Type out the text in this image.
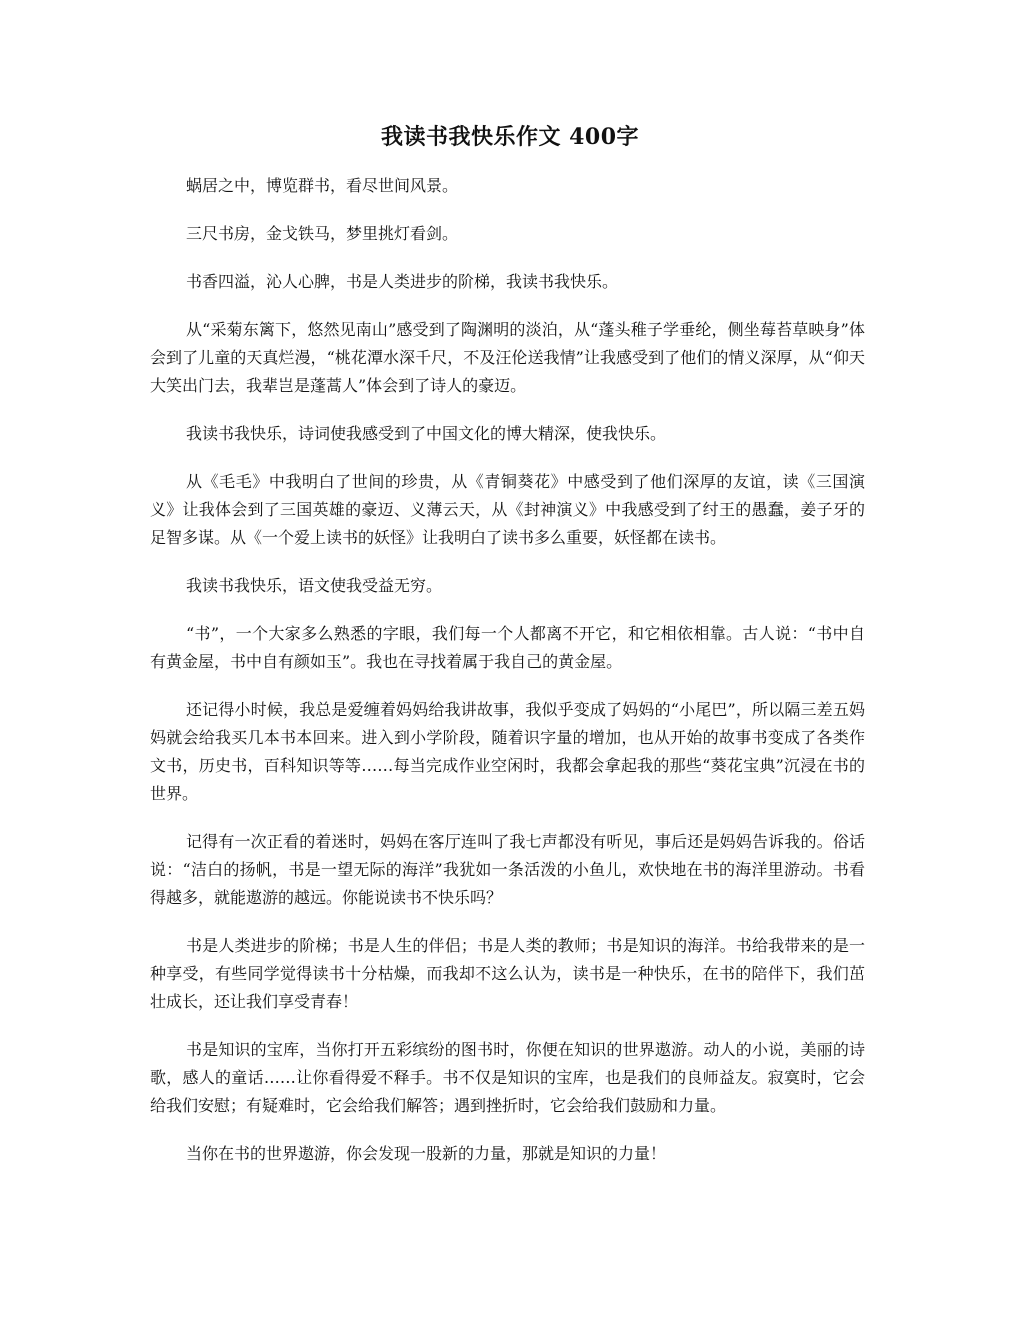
我读书我快乐作文 400字

蜗居之中，博览群书，看尽世间风景。

三尺书房，金戈铁马，梦里挑灯看剑。

书香四溢，沁人心脾，书是人类进步的阶梯，我读书我快乐。

从“采菊东篱下，悠然见南山”感受到了陶渊明的淡泊，从“蓬头稚子学垂纶，侧坐莓苔草映身”体会到了儿童的天真烂漫，“桃花潭水深千尺，不及汪伦送我情”让我感受到了他们的情义深厚，从“仰天大笑出门去，我辈岂是蓬蒿人”体会到了诗人的豪迈。

我读书我快乐，诗词使我感受到了中国文化的博大精深，使我快乐。

从《毛毛》中我明白了世间的珍贵，从《青铜葵花》中感受到了他们深厚的友谊，读《三国演义》让我体会到了三国英雄的豪迈、义薄云天，从《封神演义》中我感受到了纣王的愚蠢，姜子牙的足智多谋。从《一个爱上读书的妖怪》让我明白了读书多么重要，妖怪都在读书。

我读书我快乐，语文使我受益无穷。

“书”，一个大家多么熟悉的字眼，我们每一个人都离不开它，和它相依相靠。古人说：“书中自有黄金屋，书中自有颜如玉”。我也在寻找着属于我自己的黄金屋。

还记得小时候，我总是爱缠着妈妈给我讲故事，我似乎变成了妈妈的“小尾巴”，所以隔三差五妈妈就会给我买几本书本回来。进入到小学阶段，随着识字量的增加，也从开始的故事书变成了各类作文书，历史书，百科知识等等……每当完成作业空闲时，我都会拿起我的那些“葵花宝典”沉浸在书的世界。

记得有一次正看的着迷时，妈妈在客厅连叫了我七声都没有听见，事后还是妈妈告诉我的。俗话说：“洁白的扬帆，书是一望无际的海洋”我犹如一条活泼的小鱼儿，欢快地在书的海洋里游动。书看得越多，就能遨游的越远。你能说读书不快乐吗？

书是人类进步的阶梯；书是人生的伴侣；书是人类的教师；书是知识的海洋。书给我带来的是一种享受，有些同学觉得读书十分枯燥，而我却不这么认为，读书是一种快乐，在书的陪伴下，我们茁壮成长，还让我们享受青春！

书是知识的宝库，当你打开五彩缤纷的图书时，你便在知识的世界遨游。动人的小说，美丽的诗歌，感人的童话……让你看得爱不释手。书不仅是知识的宝库，也是我们的良师益友。寂寞时，它会给我们安慰；有疑难时，它会给我们解答；遇到挫折时，它会给我们鼓励和力量。

当你在书的世界遨游，你会发现一股新的力量，那就是知识的力量！
